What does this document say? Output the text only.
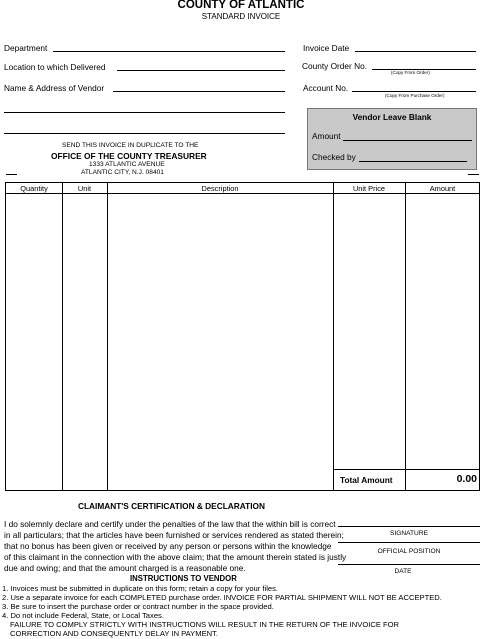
COUNTY OF ATLANTIC
STANDARD INVOICE
Department
Location to which Delivered
Name & Address of Vendor
Invoice Date
County Order No.
(Copy From Order)
Account No.
(Copy From Purchase Order)
SEND THIS INVOICE IN DUPLICATE TO THE
OFFICE OF THE COUNTY TREASURER
1333 ATLANTIC AVENUE
ATLANTIC CITY, N.J. 08401
Vendor Leave Blank
Amount
Checked by
Quantity	Unit	Description	Unit Price	Amount
Total Amount	0.00
CLAIMANT'S CERTIFICATION & DECLARATION
I do solemnly declare and certify under the penalties of the law that the within bill is correct
in all particulars; that the articles have been furnished or services rendered as stated therein;
that no bonus has been given or received by any person or persons within the knowledge
of this claimant in the connection with the above claim; that the amount therein stated is justly
due and owing; and that the amount charged is a reasonable one.
SIGNATURE
OFFICIAL POSITION
DATE
INSTRUCTIONS TO VENDOR
1. Invoices must be submitted in duplicate on this form; retain a copy for your files.
2. Use a separate invoice for each COMPLETED purchase order. INVOICE FOR PARTIAL SHIPMENT WILL NOT BE ACCEPTED.
3. Be sure to insert the purchase order or contract number in the space provided.
4. Do not include Federal, State, or Local Taxes.
FAILURE TO COMPLY STRICTLY WITH INSTRUCTIONS WILL RESULT IN THE RETURN OF THE INVOICE FOR
CORRECTION AND CONSEQUENTLY DELAY IN PAYMENT.
